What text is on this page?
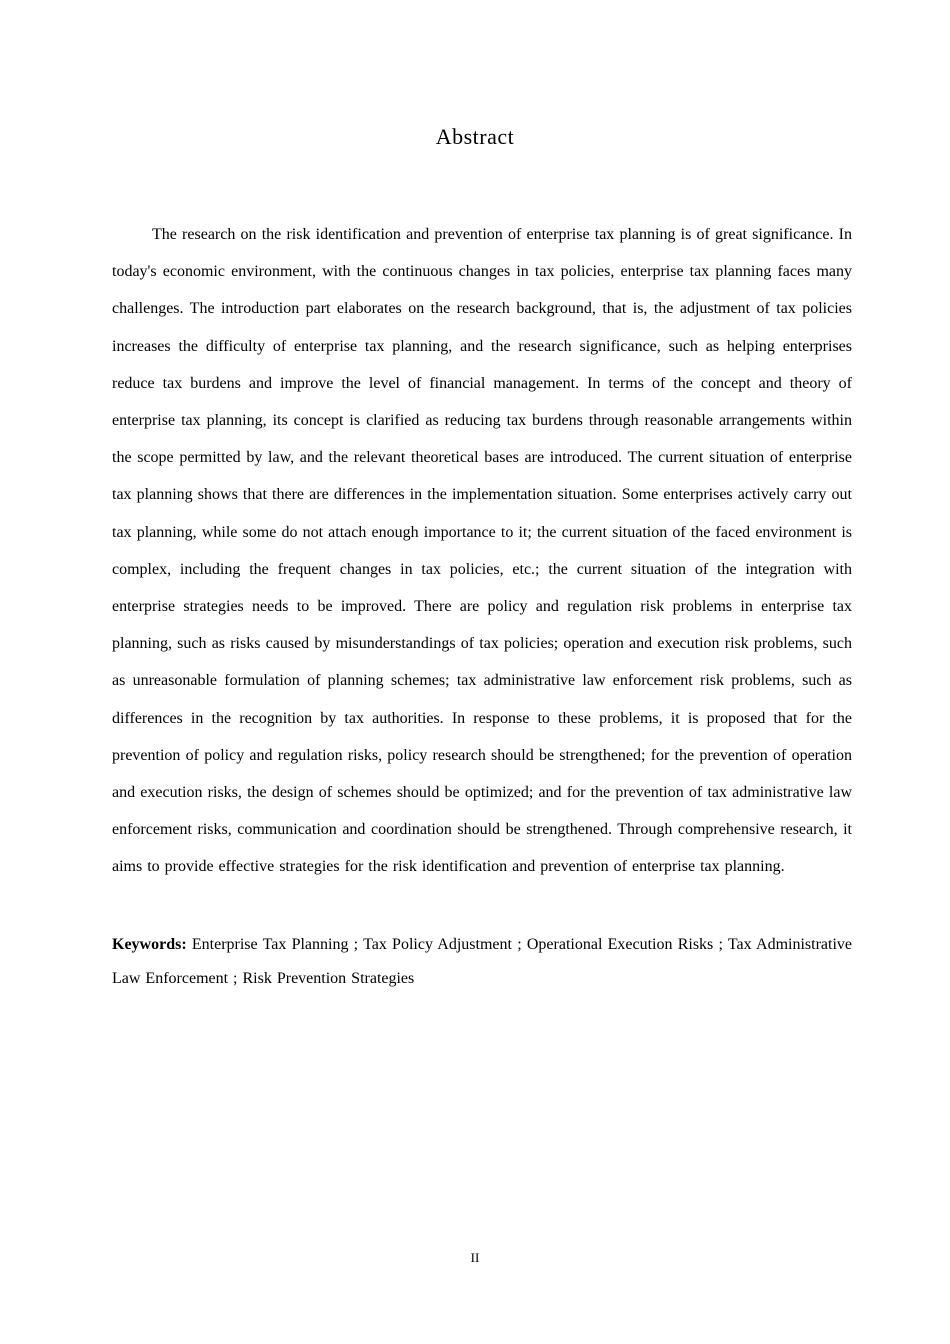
Abstract

The research on the risk identification and prevention of enterprise tax planning is of great significance. In today's economic environment, with the continuous changes in tax policies, enterprise tax planning faces many challenges. The introduction part elaborates on the research background, that is, the adjustment of tax policies increases the difficulty of enterprise tax planning, and the research significance, such as helping enterprises reduce tax burdens and improve the level of financial management. In terms of the concept and theory of enterprise tax planning, its concept is clarified as reducing tax burdens through reasonable arrangements within the scope permitted by law, and the relevant theoretical bases are introduced. The current situation of enterprise tax planning shows that there are differences in the implementation situation. Some enterprises actively carry out tax planning, while some do not attach enough importance to it; the current situation of the faced environment is complex, including the frequent changes in tax policies, etc.; the current situation of the integration with enterprise strategies needs to be improved. There are policy and regulation risk problems in enterprise tax planning, such as risks caused by misunderstandings of tax policies; operation and execution risk problems, such as unreasonable formulation of planning schemes; tax administrative law enforcement risk problems, such as differences in the recognition by tax authorities. In response to these problems, it is proposed that for the prevention of policy and regulation risks, policy research should be strengthened; for the prevention of operation and execution risks, the design of schemes should be optimized; and for the prevention of tax administrative law enforcement risks, communication and coordination should be strengthened. Through comprehensive research, it aims to provide effective strategies for the risk identification and prevention of enterprise tax planning.

Keywords: Enterprise Tax Planning ; Tax Policy Adjustment ; Operational Execution Risks ; Tax Administrative Law Enforcement ; Risk Prevention Strategies

II
